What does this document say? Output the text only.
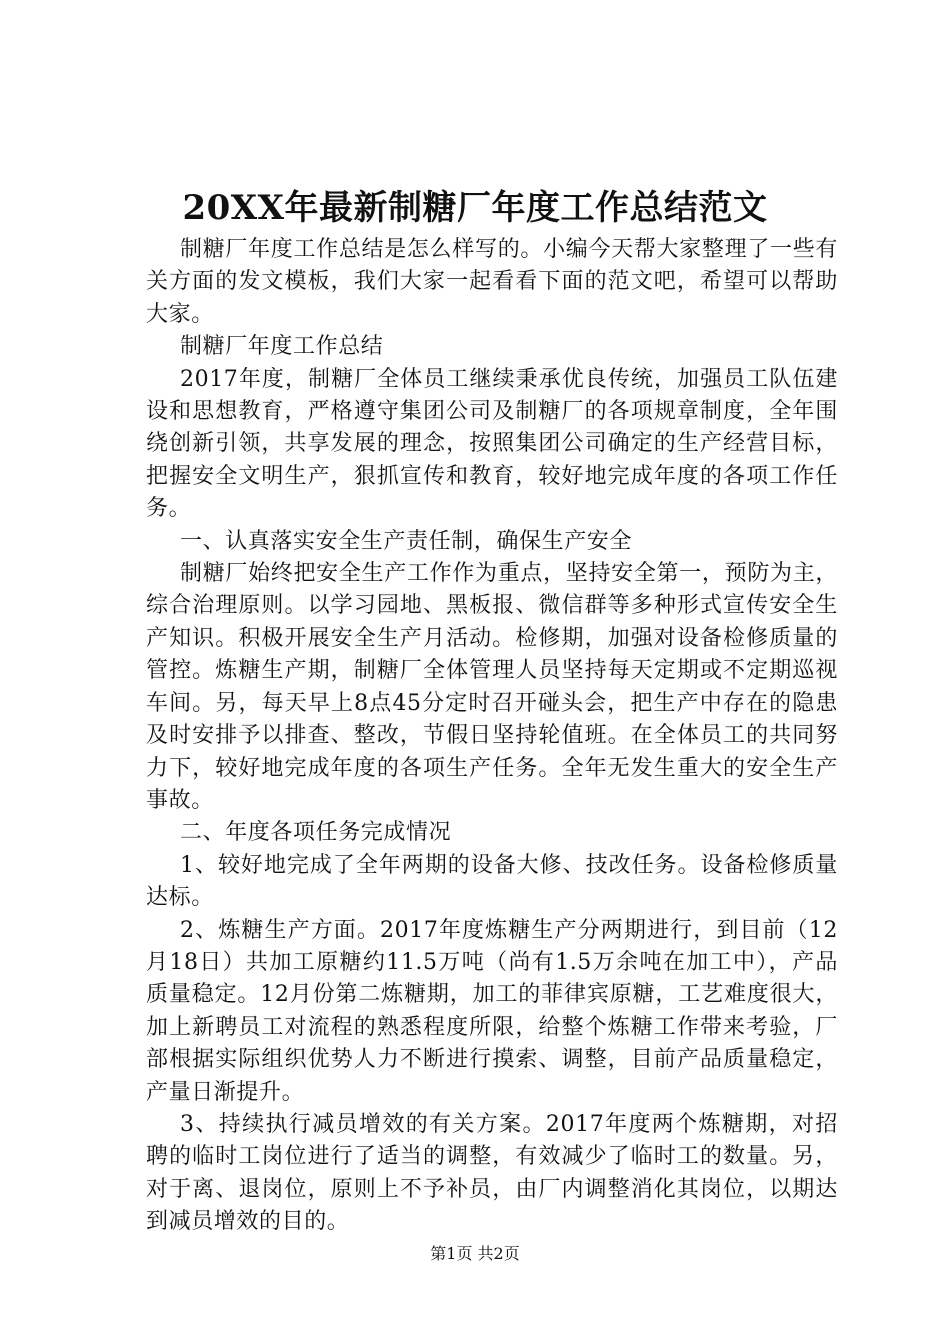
20XX年最新制糖厂年度工作总结范文

制糖厂年度工作总结是怎么样写的。小编今天帮大家整理了一些有关方面的发文模板，我们大家一起看看下面的范文吧，希望可以帮助大家。

制糖厂年度工作总结

2017年度，制糖厂全体员工继续秉承优良传统，加强员工队伍建设和思想教育，严格遵守集团公司及制糖厂的各项规章制度，全年围绕创新引领，共享发展的理念，按照集团公司确定的生产经营目标，把握安全文明生产，狠抓宣传和教育，较好地完成年度的各项工作任务。

一、认真落实安全生产责任制，确保生产安全

制糖厂始终把安全生产工作作为重点，坚持安全第一，预防为主，综合治理原则。以学习园地、黑板报、微信群等多种形式宣传安全生产知识。积极开展安全生产月活动。检修期，加强对设备检修质量的管控。炼糖生产期，制糖厂全体管理人员坚持每天定期或不定期巡视车间。另，每天早上8点45分定时召开碰头会，把生产中存在的隐患及时安排予以排查、整改，节假日坚持轮值班。在全体员工的共同努力下，较好地完成年度的各项生产任务。全年无发生重大的安全生产事故。

二、年度各项任务完成情况

1、较好地完成了全年两期的设备大修、技改任务。设备检修质量达标。

2、炼糖生产方面。2017年度炼糖生产分两期进行，到目前（12月18日）共加工原糖约11.5万吨（尚有1.5万余吨在加工中），产品质量稳定。12月份第二炼糖期，加工的菲律宾原糖，工艺难度很大，加上新聘员工对流程的熟悉程度所限，给整个炼糖工作带来考验，厂部根据实际组织优势人力不断进行摸索、调整，目前产品质量稳定，产量日渐提升。

3、持续执行减员增效的有关方案。2017年度两个炼糖期，对招聘的临时工岗位进行了适当的调整，有效减少了临时工的数量。另，对于离、退岗位，原则上不予补员，由厂内调整消化其岗位，以期达到减员增效的目的。

第1页 共2页
